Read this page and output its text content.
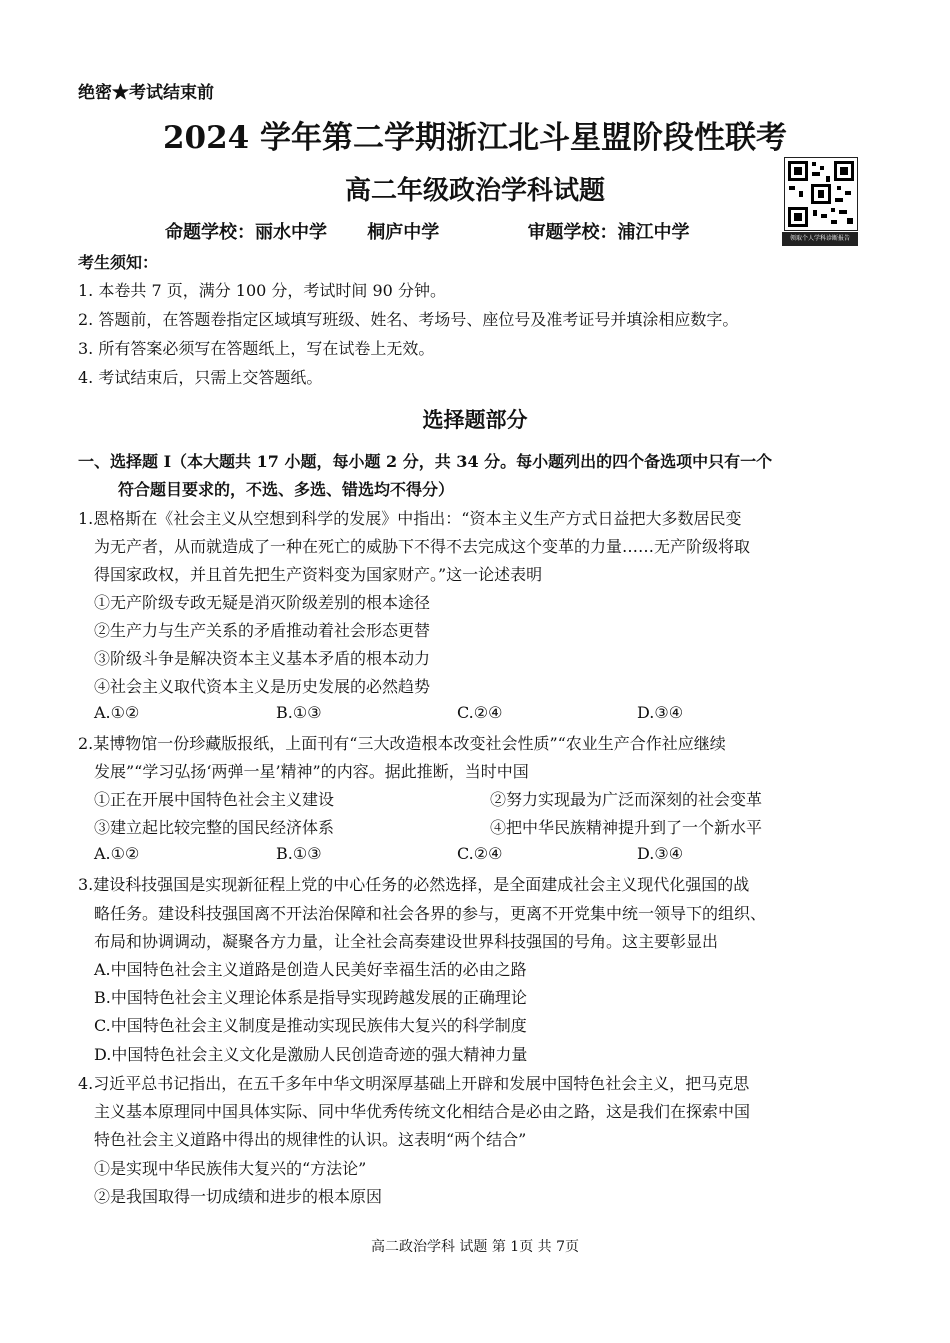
绝密★考试结束前
2024 学年第二学期浙江北斗星盟阶段性联考
高二年级政治学科试题
命题学校：丽水中学 桐庐中学	审题学校：浦江中学	领取个人学科诊断报告
考生须知：
1. 本卷共 7 页，满分 100 分，考试时间 90 分钟。
2. 答题前，在答题卷指定区域填写班级、姓名、考场号、座位号及准考证号并填涂相应数字。
3. 所有答案必须写在答题纸上，写在试卷上无效。
4. 考试结束后，只需上交答题纸。
选择题部分
一、选择题 I（本大题共 17 小题，每小题 2 分，共 34 分。每小题列出的四个备选项中只有一个
符合题目要求的，不选、多选、错选均不得分）
1.恩格斯在《社会主义从空想到科学的发展》中指出：“资本主义生产方式日益把大多数居民变
为无产者，从而就造成了一种在死亡的威胁下不得不去完成这个变革的力量……无产阶级将取
得国家政权，并且首先把生产资料变为国家财产。”这一论述表明
①无产阶级专政无疑是消灭阶级差别的根本途径
②生产力与生产关系的矛盾推动着社会形态更替
③阶级斗争是解决资本主义基本矛盾的根本动力
④社会主义取代资本主义是历史发展的必然趋势
A.①②	B.①③	C.②④	D.③④
2.某博物馆一份珍藏版报纸，上面刊有“三大改造根本改变社会性质”“农业生产合作社应继续
发展”“学习弘扬‘两弹一星’精神”的内容。据此推断，当时中国
①正在开展中国特色社会主义建设	②努力实现最为广泛而深刻的社会变革
③建立起比较完整的国民经济体系	④把中华民族精神提升到了一个新水平
A.①②	B.①③	C.②④	D.③④
3.建设科技强国是实现新征程上党的中心任务的必然选择，是全面建成社会主义现代化强国的战
略任务。建设科技强国离不开法治保障和社会各界的参与，更离不开党集中统一领导下的组织、
布局和协调调动，凝聚各方力量，让全社会高奏建设世界科技强国的号角。这主要彰显出
A.中国特色社会主义道路是创造人民美好幸福生活的必由之路
B.中国特色社会主义理论体系是指导实现跨越发展的正确理论
C.中国特色社会主义制度是推动实现民族伟大复兴的科学制度
D.中国特色社会主义文化是激励人民创造奇迹的强大精神力量
4.习近平总书记指出，在五千多年中华文明深厚基础上开辟和发展中国特色社会主义，把马克思
主义基本原理同中国具体实际、同中华优秀传统文化相结合是必由之路，这是我们在探索中国
特色社会主义道路中得出的规律性的认识。这表明“两个结合”
①是实现中华民族伟大复兴的“方法论”
②是我国取得一切成绩和进步的根本原因
高二政治学科 试题 第 1页 共 7页
